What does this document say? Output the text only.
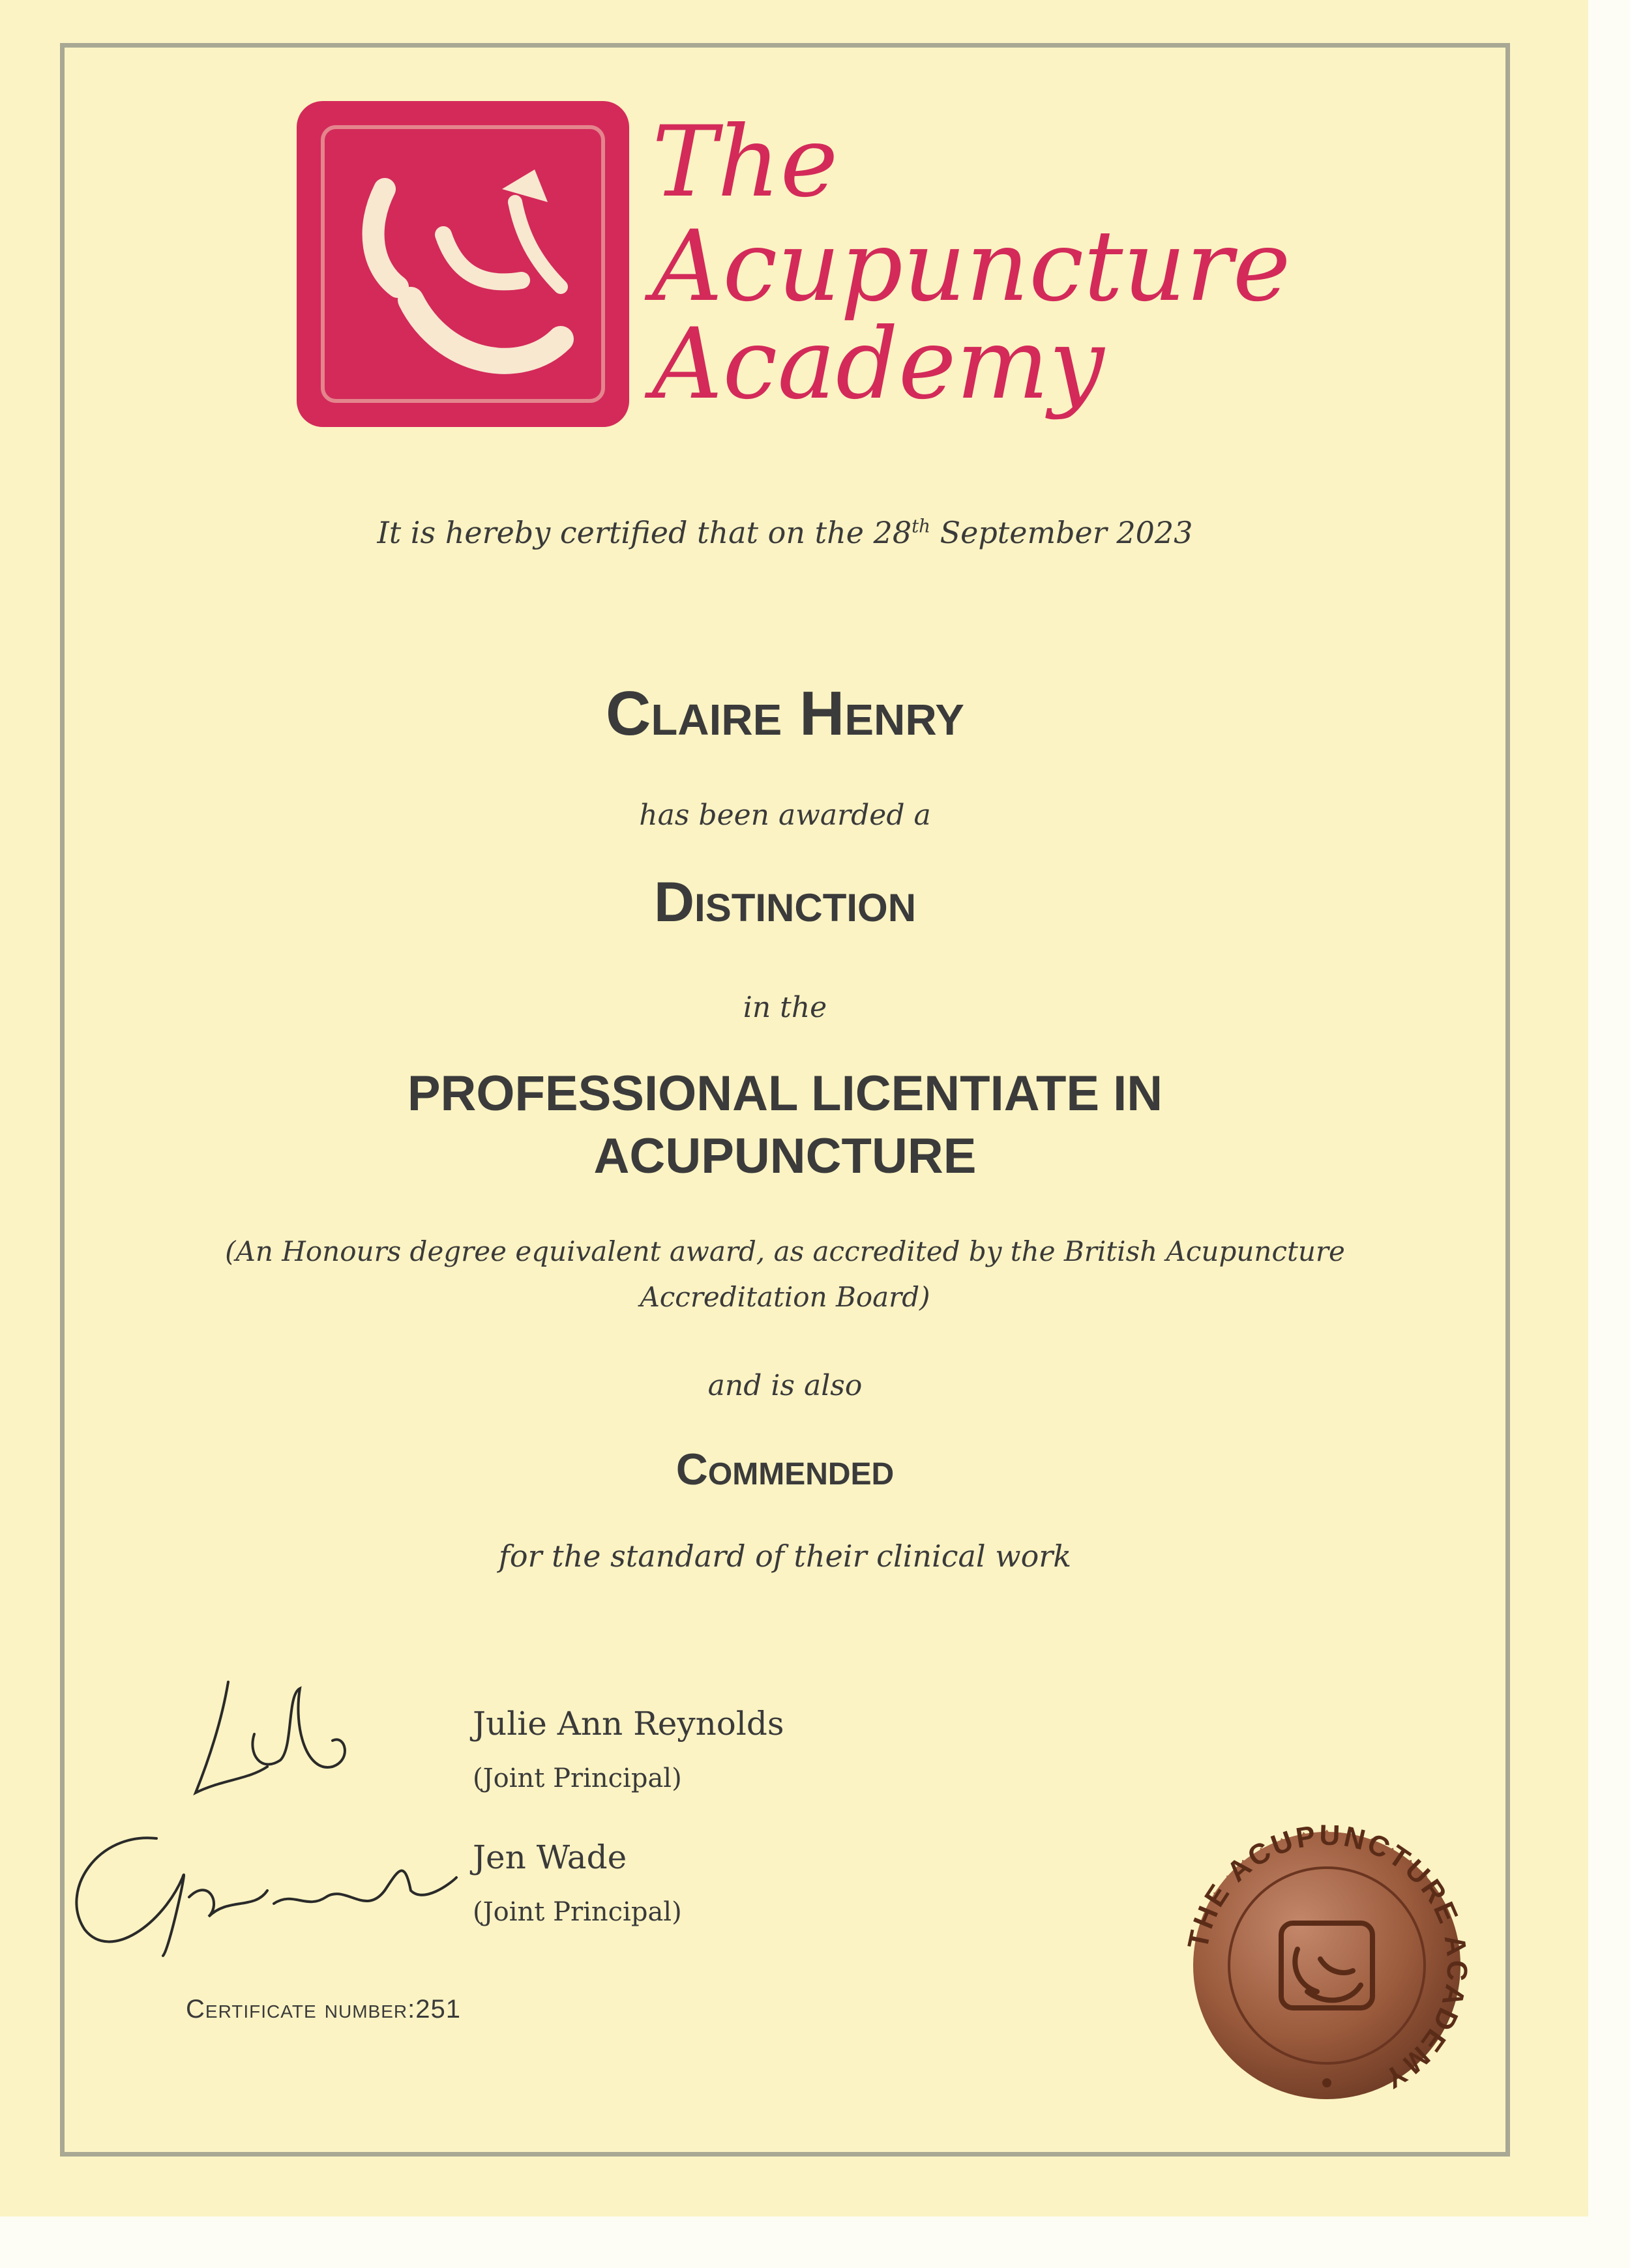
The
Acupuncture
Academy
It is hereby certified that on the 28th September 2023
Claire Henry
has been awarded a
Distinction
in the
PROFESSIONAL LICENTIATE IN
ACUPUNCTURE
(An Honours degree equivalent award, as accredited by the British Acupuncture
Accreditation Board)
and is also
Commended
for the standard of their clinical work
Julie Ann Reynolds
(Joint Principal)
Jen Wade
(Joint Principal)
Certificate number:251
THE ACUPUNCTURE ACADEMY
